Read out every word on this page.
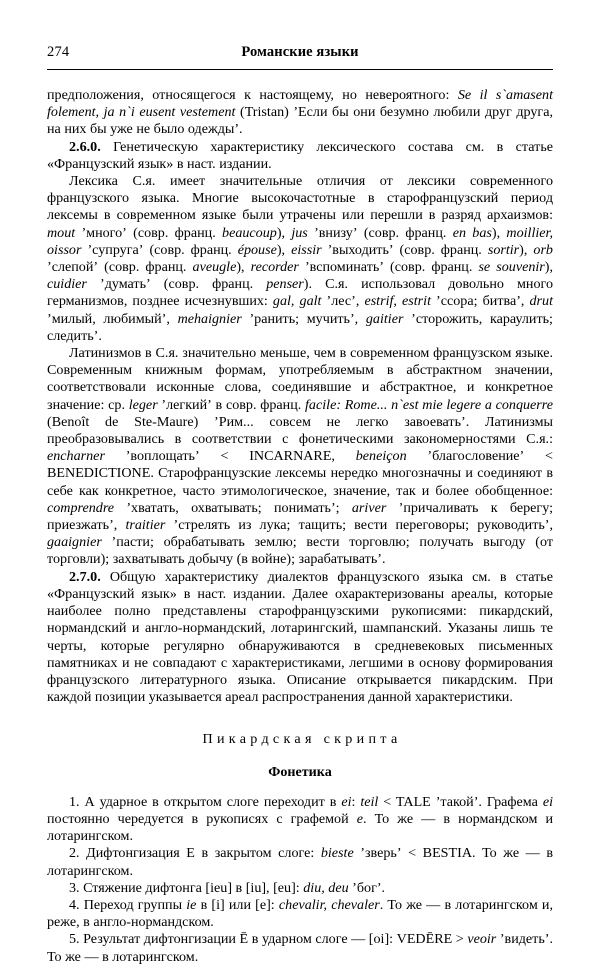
274	Романские языки

предположения, относящегося к настоящему, но невероятного: Se il s`amasent folement, ja n`i eusent vestement (Tristan) ʼЕсли бы они безумно любили друг друга, на них бы уже не было одеждыʼ.

2.6.0. Генетическую характеристику лексического состава см. в статье «Французский язык» в наст. издании.

Лексика С.я. имеет значительные отличия от лексики современного французского языка. Многие высокочастотные в старофранцузский период лексемы в современном языке были утрачены или перешли в разряд архаизмов: mout ʼмногоʼ (совр. франц. beaucoup), jus ʼвнизуʼ (совр. франц. en bas), moillier, oissor ʼсупругаʼ (совр. франц. épouse), eissir ʼвыходитьʼ (совр. франц. sortir), orb ʼслепойʼ (совр. франц. aveugle), recorder ʼвспоминатьʼ (совр. франц. se souvenir), cuidier ʼдуматьʼ (совр. франц. penser). С.я. использовал довольно много германизмов, позднее исчезнувших: gal, galt ʼлесʼ, estrif, estrit ʼссора; битваʼ, drut ʼмилый, любимыйʼ, mehaignier ʼранить; мучитьʼ, gaitier ʼсторожить, караулить; следитьʼ.

Латинизмов в С.я. значительно меньше, чем в современном французском языке. Современным книжным формам, употребляемым в абстрактном значении, соответствовали исконные слова, соединявшие и абстрактное, и конкретное значение: ср. leger ʼлегкийʼ в совр. франц. facile: Rome... n`est mie legere a conquerre (Benoît de Ste-Maure) ʼРим... совсем не легко завоеватьʼ. Латинизмы преобразовывались в соответствии с фонетическими закономерностями С.я.: encharner ʼвоплощатьʼ < INCARNARE, beneiçon ʼблагословениеʼ < BENEDICTIONE. Старофранцузские лексемы нередко многозначны и соединяют в себе как конкретное, часто этимологическое, значение, так и более обобщенное: comprendre ʼхватать, охватывать; пониматьʼ; ariver ʼпричаливать к берегу; приезжатьʼ, traitier ʼстрелять из лука; тащить; вести переговоры; руководитьʼ, gaaignier ʼпасти; обрабатывать землю; вести торговлю; получать выгоду (от торговли); захватывать добычу (в войне); зарабатыватьʼ.

2.7.0. Общую характеристику диалектов французского языка см. в статье «Французский язык» в наст. издании. Далее охарактеризованы ареалы, которые наиболее полно представлены старофранцузскими рукописями: пикардский, нормандский и англо-нормандский, лотарингский, шампанский. Указаны лишь те черты, которые регулярно обнаруживаются в средневековых письменных памятниках и не совпадают с характеристиками, легшими в основу формирования французского литературного языка. Описание открывается пикардским. При каждой позиции указывается ареал распространения данной характеристики.

Пикардская скрипта
Фонетика

1. А ударное в открытом слоге переходит в ei: teil < TALE ʼтакойʼ. Графема ei постоянно чередуется в рукописях с графемой e. То же — в нормандском и лотарингском.

2. Дифтонгизация Е в закрытом слоге: bieste ʼзверьʼ < BESTIA. То же — в лотарингском.

3. Стяжение дифтонга [ieu] в [iu], [eu]: diu, deu ʼбогʼ.

4. Переход группы ie в [i] или [e]: chevalir, chevaler. То же — в лотарингском и, реже, в англо-нормандском.

5. Результат дифтонгизации Ē в ударном слоге — [oi]: VEDĒRE > veoir ʼвидетьʼ. То же — в лотарингском.
